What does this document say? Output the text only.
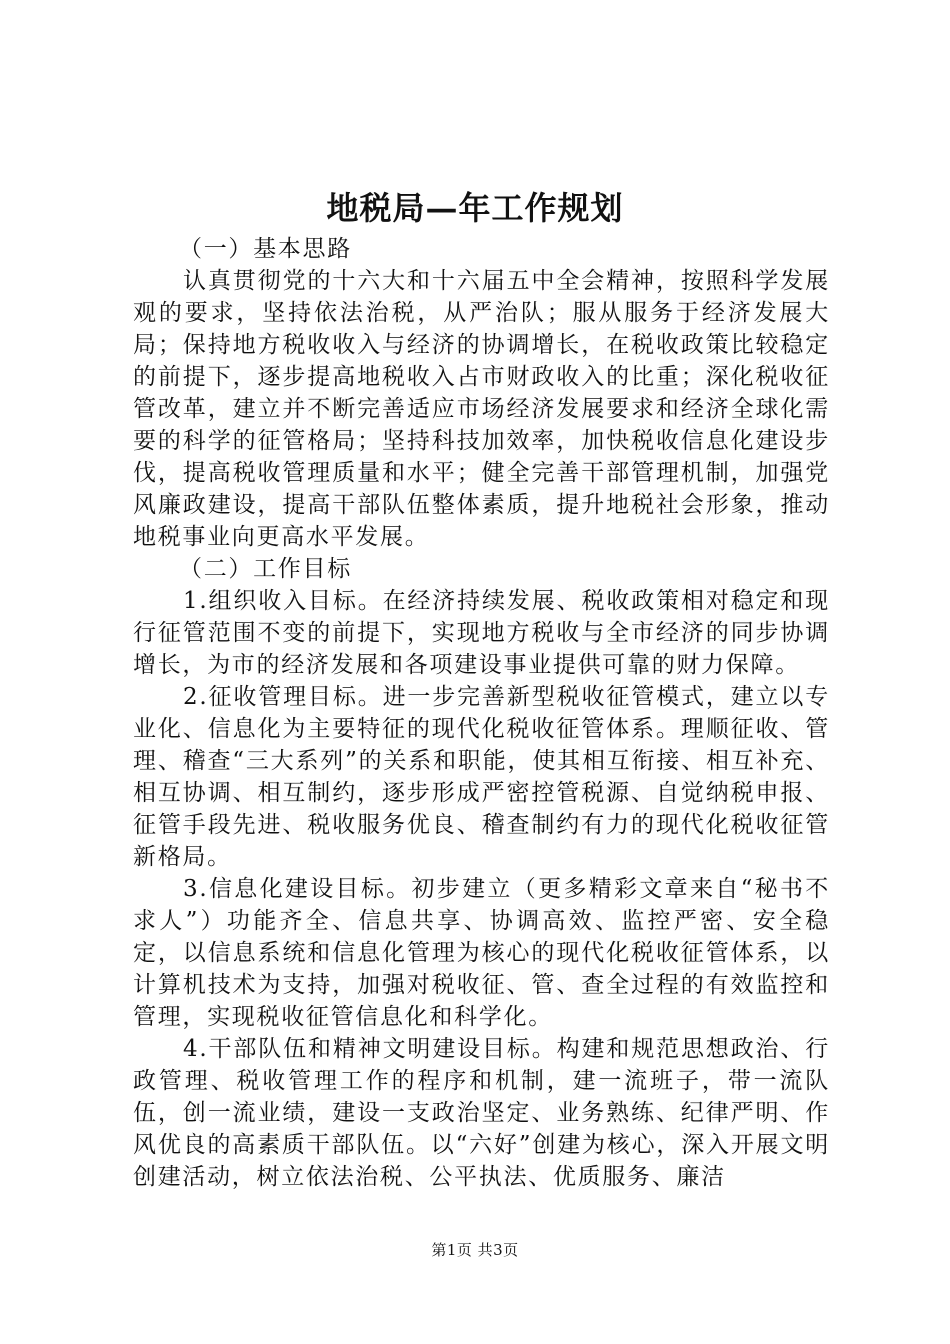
地税局—年工作规划

（一）基本思路

认真贯彻党的十六大和十六届五中全会精神，按照科学发展观的要求，坚持依法治税，从严治队；服从服务于经济发展大局；保持地方税收收入与经济的协调增长，在税收政策比较稳定的前提下，逐步提高地税收入占市财政收入的比重；深化税收征管改革，建立并不断完善适应市场经济发展要求和经济全球化需要的科学的征管格局；坚持科技加效率，加快税收信息化建设步伐，提高税收管理质量和水平；健全完善干部管理机制，加强党风廉政建设，提高干部队伍整体素质，提升地税社会形象，推动地税事业向更高水平发展。

（二）工作目标

1.组织收入目标。在经济持续发展、税收政策相对稳定和现行征管范围不变的前提下，实现地方税收与全市经济的同步协调增长，为市的经济发展和各项建设事业提供可靠的财力保障。

2.征收管理目标。进一步完善新型税收征管模式，建立以专业化、信息化为主要特征的现代化税收征管体系。理顺征收、管理、稽查“三大系列”的关系和职能，使其相互衔接、相互补充、相互协调、相互制约，逐步形成严密控管税源、自觉纳税申报、征管手段先进、税收服务优良、稽查制约有力的现代化税收征管新格局。

3.信息化建设目标。初步建立（更多精彩文章来自“秘书不求人”）功能齐全、信息共享、协调高效、监控严密、安全稳定，以信息系统和信息化管理为核心的现代化税收征管体系，以计算机技术为支持，加强对税收征、管、查全过程的有效监控和管理，实现税收征管信息化和科学化。

4.干部队伍和精神文明建设目标。构建和规范思想政治、行政管理、税收管理工作的程序和机制，建一流班子，带一流队伍，创一流业绩，建设一支政治坚定、业务熟练、纪律严明、作风优良的高素质干部队伍。以“六好”创建为核心，深入开展文明创建活动，树立依法治税、公平执法、优质服务、廉洁

第1页 共3页
